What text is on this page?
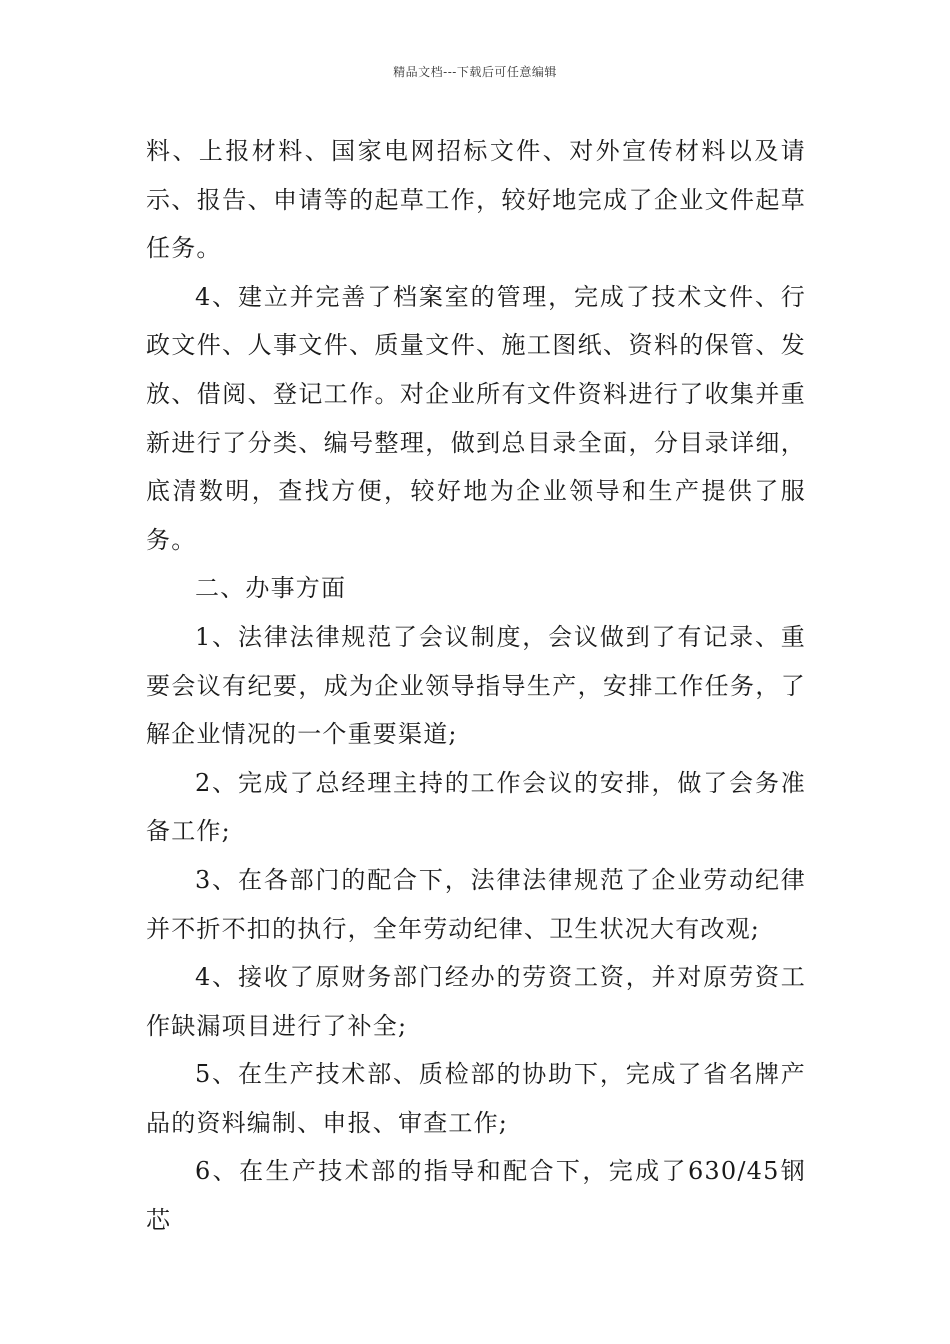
精品文档---下载后可任意编辑

料、上报材料、国家电网招标文件、对外宣传材料以及请示、报告、申请等的起草工作，较好地完成了企业文件起草任务。

4、建立并完善了档案室的管理，完成了技术文件、行政文件、人事文件、质量文件、施工图纸、资料的保管、发放、借阅、登记工作。对企业所有文件资料进行了收集并重新进行了分类、编号整理，做到总目录全面，分目录详细，底清数明，查找方便，较好地为企业领导和生产提供了服务。

二、办事方面

1、法律法律规范了会议制度，会议做到了有记录、重要会议有纪要，成为企业领导指导生产，安排工作任务，了解企业情况的一个重要渠道;

2、完成了总经理主持的工作会议的安排，做了会务准备工作;

3、在各部门的配合下，法律法律规范了企业劳动纪律并不折不扣的执行，全年劳动纪律、卫生状况大有改观;

4、接收了原财务部门经办的劳资工资，并对原劳资工作缺漏项目进行了补全;

5、在生产技术部、质检部的协助下，完成了省名牌产品的资料编制、申报、审查工作;

6、在生产技术部的指导和配合下，完成了630/45钢芯
